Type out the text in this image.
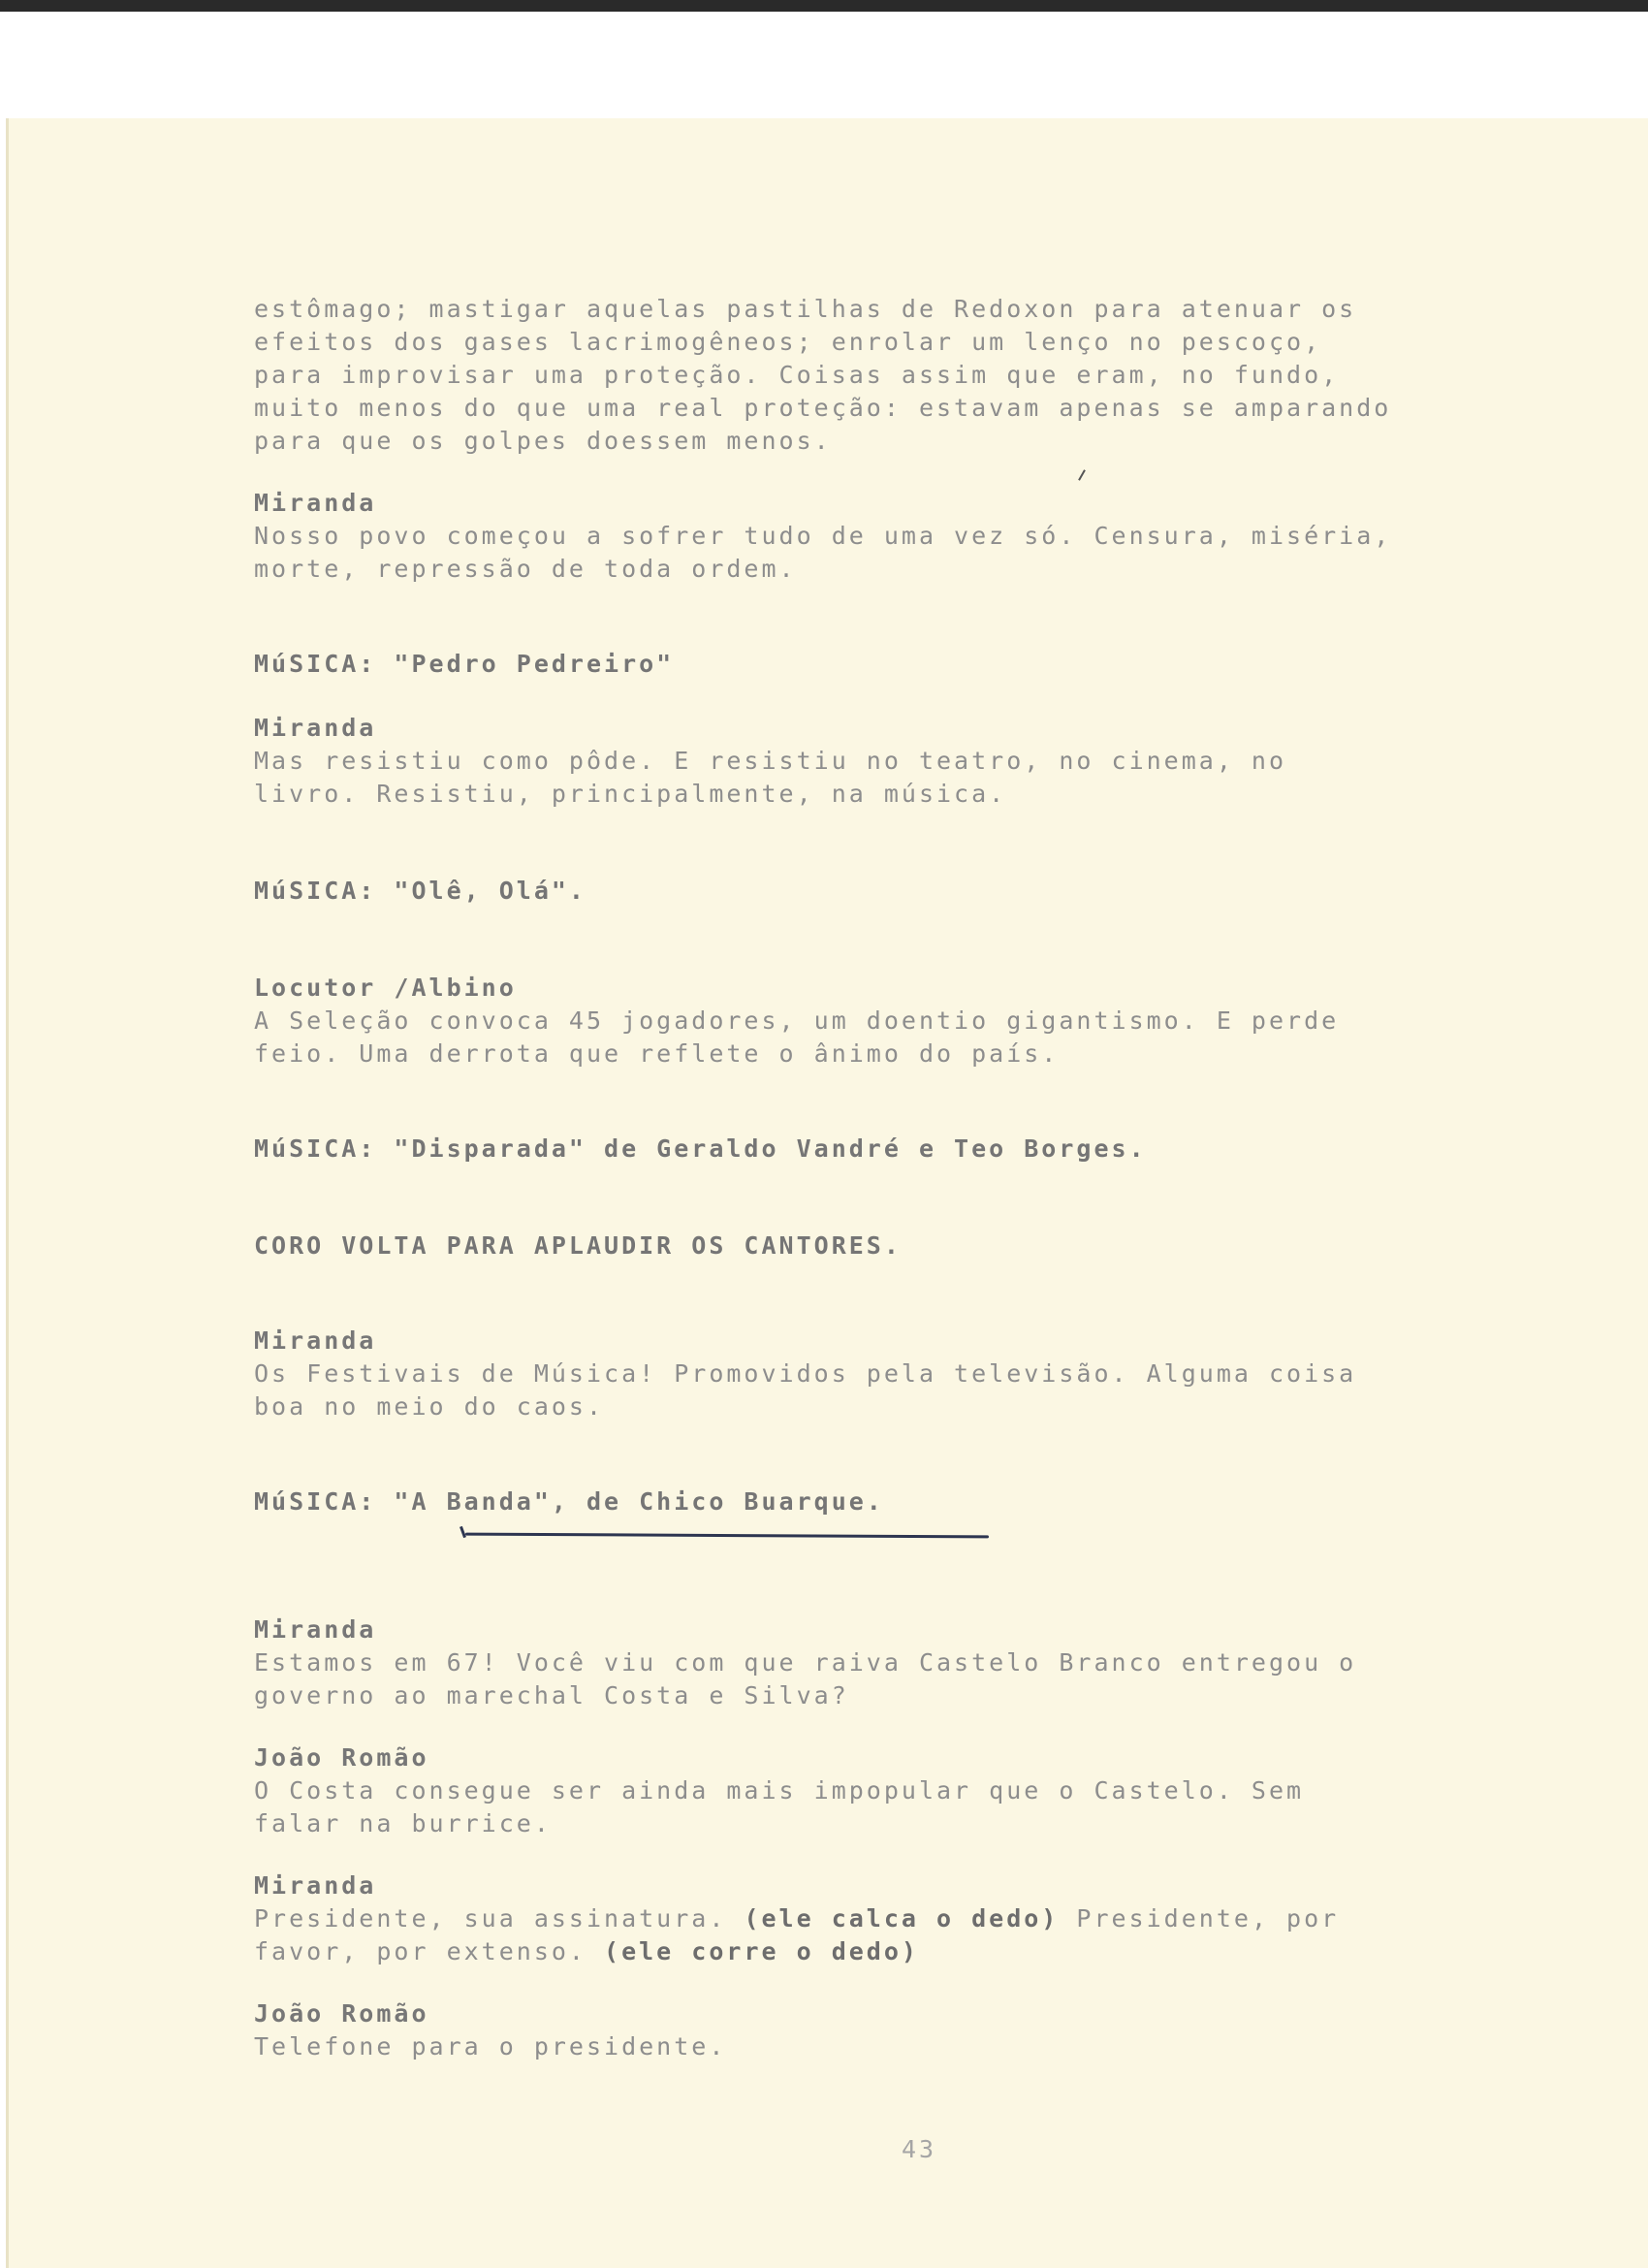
estômago; mastigar aquelas pastilhas de Redoxon para atenuar os

efeitos dos gases lacrimogêneos; enrolar um lenço no pescoço,

para improvisar uma proteção. Coisas assim que eram, no fundo,

muito menos do que uma real proteção: estavam apenas se amparando

para que os golpes doessem menos.

Miranda

Nosso povo começou a sofrer tudo de uma vez só. Censura, miséria,

morte, repressão de toda ordem.

MúSICA: "Pedro Pedreiro"

Miranda

Mas resistiu como pôde. E resistiu no teatro, no cinema, no

livro. Resistiu, principalmente, na música.

MúSICA: "Olê, Olá".

Locutor /Albino

A Seleção convoca 45 jogadores, um doentio gigantismo. E perde

feio. Uma derrota que reflete o ânimo do país.

MúSICA: "Disparada" de Geraldo Vandré e Teo Borges.

CORO VOLTA PARA APLAUDIR OS CANTORES.

Miranda

Os Festivais de Música! Promovidos pela televisão. Alguma coisa

boa no meio do caos.

MúSICA: "A Banda", de Chico Buarque.

Miranda

Estamos em 67! Você viu com que raiva Castelo Branco entregou o

governo ao marechal Costa e Silva?

João Romão

O Costa consegue ser ainda mais impopular que o Castelo. Sem

falar na burrice.

Miranda

Presidente, sua assinatura. (ele calca o dedo) Presidente, por

favor, por extenso. (ele corre o dedo)

João Romão

Telefone para o presidente.

43
